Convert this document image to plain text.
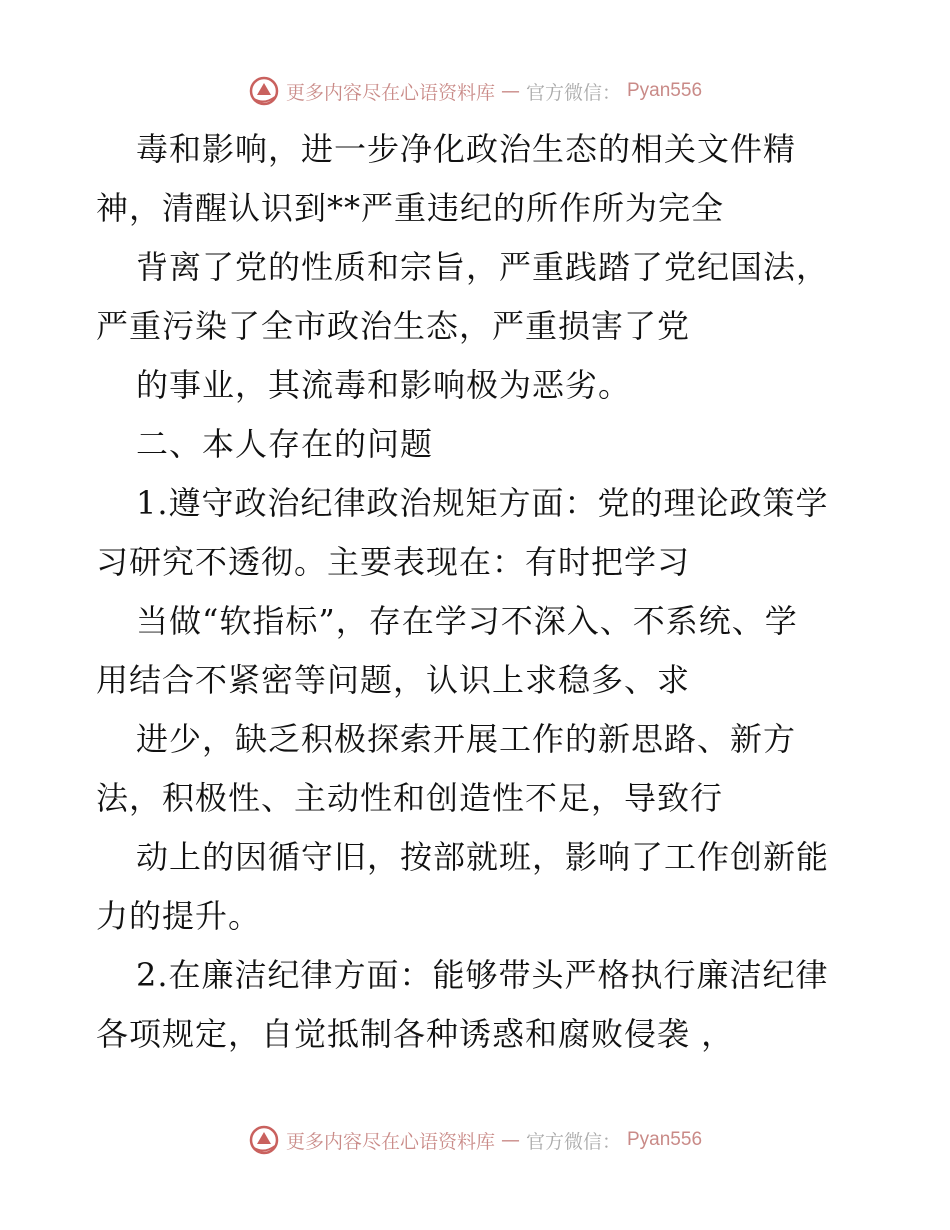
更多内容尽在心语资料库 — 官方微信： Pyan556
毒和影响，进一步净化政治生态的相关文件精
神，清醒认识到**严重违纪的所作所为完全
背离了党的性质和宗旨，严重践踏了党纪国法，
严重污染了全市政治生态，严重损害了党
的事业，其流毒和影响极为恶劣。
二、本人存在的问题
1.遵守政治纪律政治规矩方面：党的理论政策学
习研究不透彻。主要表现在：有时把学习
当做“软指标”，存在学习不深入、不系统、学
用结合不紧密等问题，认识上求稳多、求
进少，缺乏积极探索开展工作的新思路、新方
法，积极性、主动性和创造性不足，导致行
动上的因循守旧，按部就班，影响了工作创新能
力的提升。
2.在廉洁纪律方面：能够带头严格执行廉洁纪律
各项规定，自觉抵制各种诱惑和腐败侵袭 ，
更多内容尽在心语资料库 — 官方微信： Pyan556
